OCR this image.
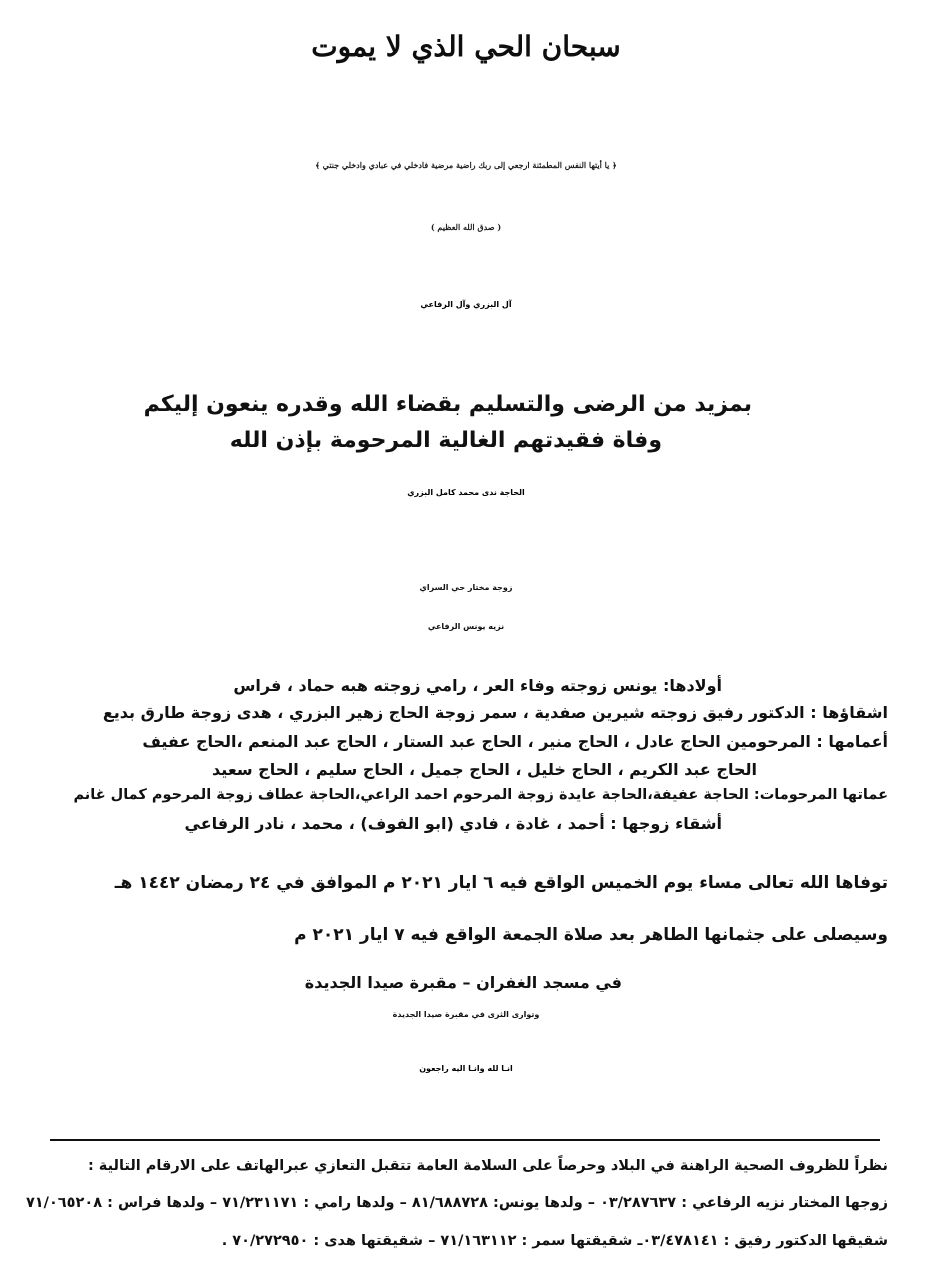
سبحان الحي الذي لا يموت
﴿ يا أيتها النفس المطمئنة ارجعي إلى ربك راضية مرضية فادخلي في عبادي وادخلي جنتي ﴾
( صدق الله العظيم )
آل البزري وآل الرفاعي
بمزيد من الرضى والتسليم بقضاء الله وقدره ينعون إليكم
وفاة فقيدتهم الغالية المرحومة بإذن الله
الحاجة ندى محمد كامل البزري
زوجة مختار حي السراي
نزيه يونس الرفاعي
أولادها: يونس زوجته وفاء العر ، رامي زوجته هبه حماد ، فراس
اشقاؤها : الدكتور رفيق زوجته شيرين صفدية ، سمر زوجة الحاج زهير البزري ، هدى زوجة طارق بديع
أعمامها : المرحومين الحاج عادل ، الحاج منير ، الحاج عبد الستار ، الحاج عبد المنعم ،الحاج عفيف
الحاج عبد الكريم ، الحاج خليل ، الحاج جميل ، الحاج سليم ، الحاج سعيد
عماتها المرحومات: الحاجة عفيفة،الحاجة عايدة زوجة المرحوم احمد الراعي،الحاجة عطاف زوجة المرحوم كمال غانم
أشقاء زوجها : أحمد ، غادة ، فادي (ابو الفوف) ، محمد ، نادر الرفاعي
توفاها الله تعالى مساء يوم الخميس الواقع فيه ٦ ايار ٢٠٢١ م الموافق في ٢٤ رمضان ١٤٤٢ هـ
وسيصلى على جثمانها الطاهر بعد صلاة الجمعة الواقع فيه ٧ ايار ٢٠٢١ م
في مسجد الغفران – مقبرة صيدا الجديدة
وتوارى الثرى في مقبرة صيدا الجديدة
انـا لله وانـا اليه راجعون
نظراً للظروف الصحية الراهنة في البلاد وحرصاً على السلامة العامة تتقبل التعازي عبرالهاتف على الارقام التالية :
زوجها المختار نزيه الرفاعي : ٠٣/٢٨٧٦٣٧ – ولدها يونس: ٨١/٦٨٨٧٢٨ – ولدها رامي : ٧١/٢٣١١٧١ – ولدها فراس : ٧١/٠٦٥٢٠٨
شقيقها الدكتور رفيق : ٠٣/٤٧٨١٤١ـ شقيقتها سمر : ٧١/١٦٣١١٢ – شقيقتها هدى : ٧٠/٢٧٢٩٥٠ .
